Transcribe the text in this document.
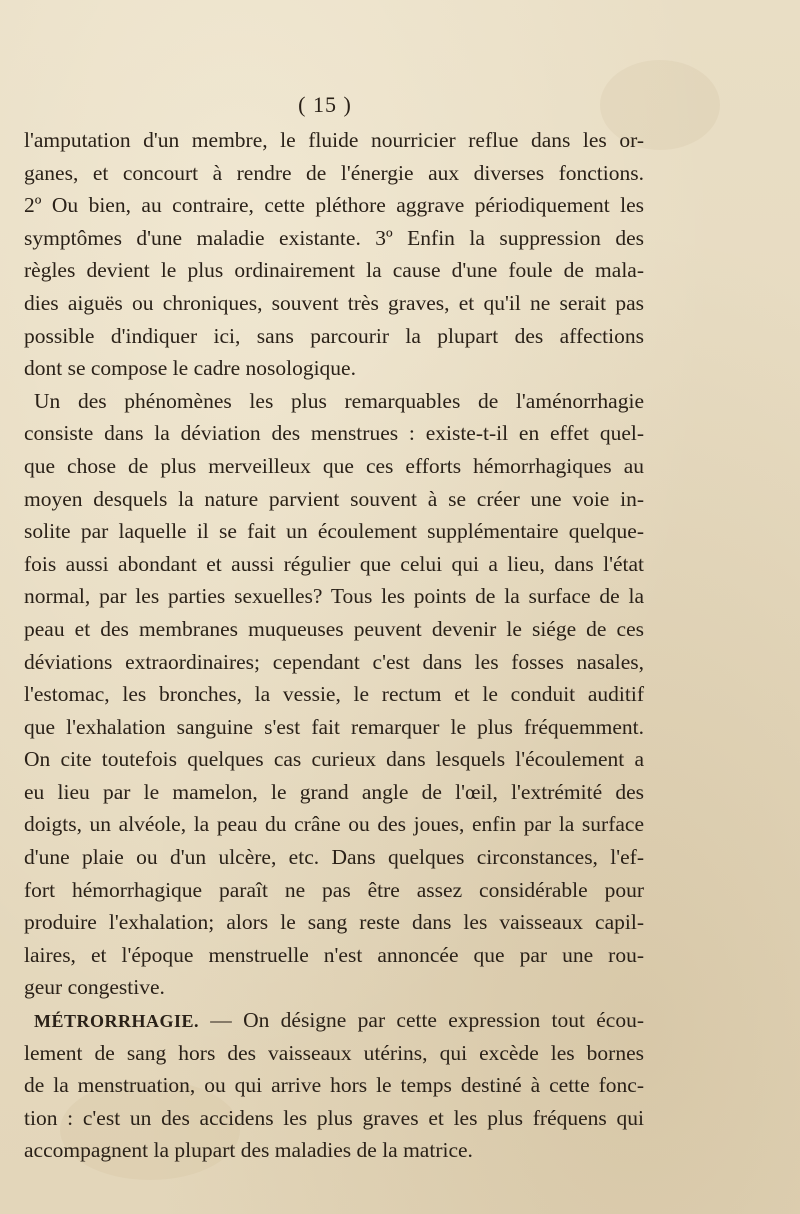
( 15 )
l'amputation d'un membre, le fluide nourricier reflue dans les or-
ganes, et concourt à rendre de l'énergie aux diverses fonctions.
2º Ou bien, au contraire, cette pléthore aggrave périodiquement les
symptômes d'une maladie existante. 3º Enfin la suppression des
règles devient le plus ordinairement la cause d'une foule de mala-
dies aiguës ou chroniques, souvent très graves, et qu'il ne serait pas
possible d'indiquer ici, sans parcourir la plupart des affections
dont se compose le cadre nosologique.
Un des phénomènes les plus remarquables de l'aménorrhagie
consiste dans la déviation des menstrues : existe-t-il en effet quel-
que chose de plus merveilleux que ces efforts hémorrhagiques au
moyen desquels la nature parvient souvent à se créer une voie in-
solite par laquelle il se fait un écoulement supplémentaire quelque-
fois aussi abondant et aussi régulier que celui qui a lieu, dans l'état
normal, par les parties sexuelles? Tous les points de la surface de la
peau et des membranes muqueuses peuvent devenir le siége de ces
déviations extraordinaires; cependant c'est dans les fosses nasales,
l'estomac, les bronches, la vessie, le rectum et le conduit auditif
que l'exhalation sanguine s'est fait remarquer le plus fréquemment.
On cite toutefois quelques cas curieux dans lesquels l'écoulement a
eu lieu par le mamelon, le grand angle de l'œil, l'extrémité des
doigts, un alvéole, la peau du crâne ou des joues, enfin par la surface
d'une plaie ou d'un ulcère, etc. Dans quelques circonstances, l'ef-
fort hémorrhagique paraît ne pas être assez considérable pour
produire l'exhalation; alors le sang reste dans les vaisseaux capil-
laires, et l'époque menstruelle n'est annoncée que par une rou-
geur congestive.
MÉTRORRHAGIE. — On désigne par cette expression tout écou-
lement de sang hors des vaisseaux utérins, qui excède les bornes
de la menstruation, ou qui arrive hors le temps destiné à cette fonc-
tion : c'est un des accidens les plus graves et les plus fréquens qui
accompagnent la plupart des maladies de la matrice.
